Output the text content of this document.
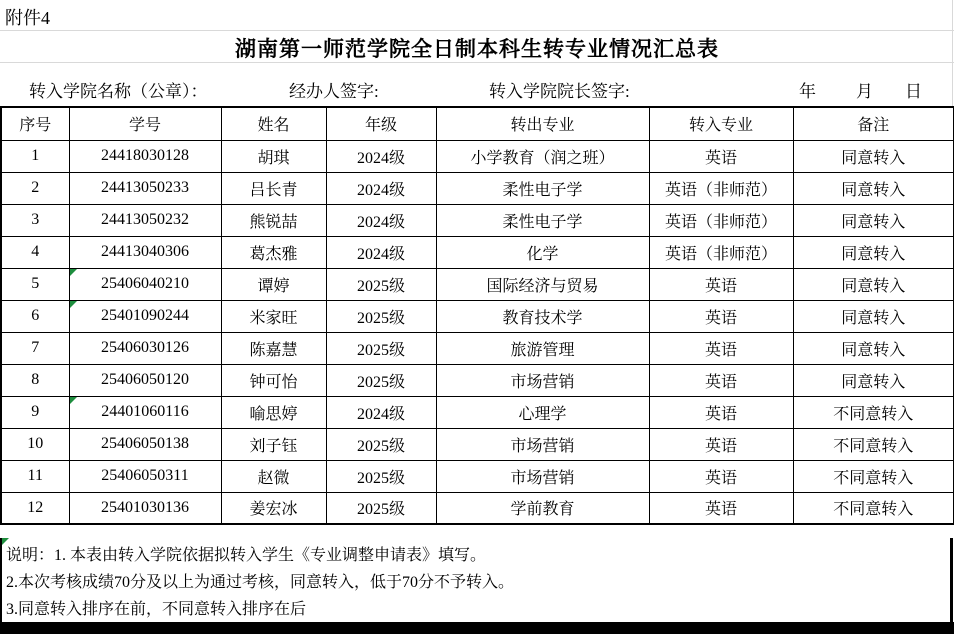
附件4
湖南第一师范学院全日制本科生转专业情况汇总表
转入学院名称（公章）：	经办人签字:	转入学院院长签字:	年 月 日
序号	学号	姓名	年级	转出专业	转入专业	备注
1	24418030128	胡琪	2024级	小学教育（润之班）	英语	同意转入
2	24413050233	吕长青	2024级	柔性电子学	英语（非师范）	同意转入
3	24413050232	熊锐喆	2024级	柔性电子学	英语（非师范）	同意转入
4	24413040306	葛杰雅	2024级	化学	英语（非师范）	同意转入
5	25406040210	谭婷	2025级	国际经济与贸易	英语	同意转入
6	25401090244	米家旺	2025级	教育技术学	英语	同意转入
7	25406030126	陈嘉慧	2025级	旅游管理	英语	同意转入
8	25406050120	钟可怡	2025级	市场营销	英语	同意转入
9	24401060116	喻思婷	2024级	心理学	英语	不同意转入
10	25406050138	刘子钰	2025级	市场营销	英语	不同意转入
11	25406050311	赵微	2025级	市场营销	英语	不同意转入
12	25401030136	姜宏冰	2025级	学前教育	英语	不同意转入
说明：1. 本表由转入学院依据拟转入学生《专业调整申请表》填写。
2.本次考核成绩70分及以上为通过考核，同意转入，低于70分不予转入。
3.同意转入排序在前，不同意转入排序在后
